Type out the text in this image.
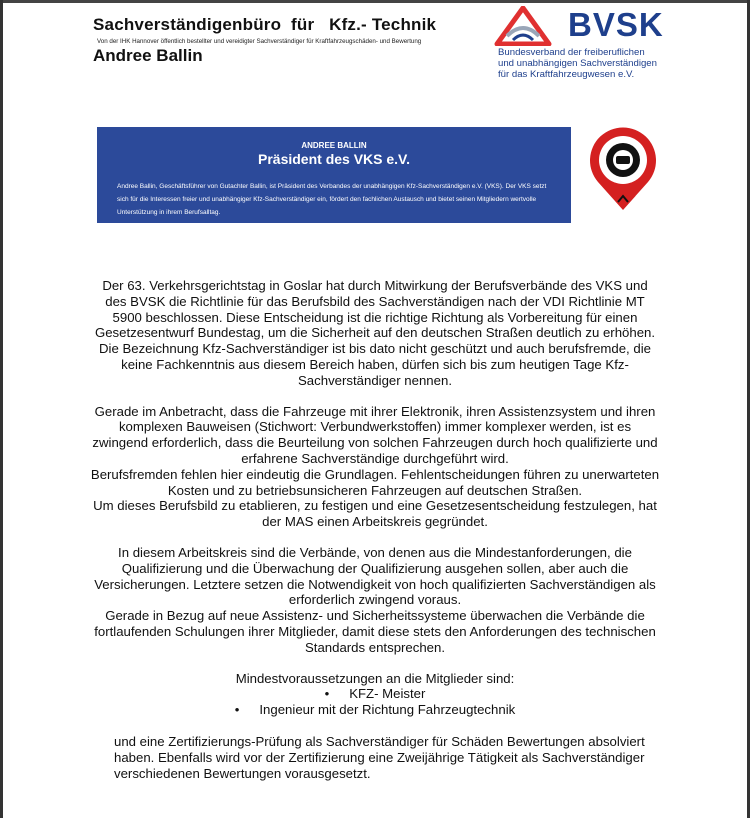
Sachverständigenbüro  für   Kfz.- Technik
Von der IHK Hannover öffentlich bestellter und vereidigter Sachverständiger für Kraftfahrzeugschäden- und Bewertung
Andree Ballin
BVSK
Bundesverband der freiberuflichen
und unabhängigen Sachverständigen
für das Kraftfahrzeugwesen e.V.
ANDREE BALLIN
Präsident des VKS e.V.
Andree Ballin, Geschäftsführer von Gutachter Ballin, ist Präsident des Verbandes der unabhängigen Kfz-Sachverständigen e.V. (VKS). Der VKS setzt sich für die Interessen freier und unabhängiger Kfz-Sachverständiger ein, fördert den fachlichen Austausch und bietet seinen Mitgliedern wertvolle Unterstützung in ihrem Berufsalltag.

Der 63. Verkehrsgerichtstag in Goslar hat durch Mitwirkung der Berufsverbände des VKS und des BVSK die Richtlinie für das Berufsbild des Sachverständigen nach der VDI Richtlinie MT 5900 beschlossen. Diese Entscheidung ist die richtige Richtung als Vorbereitung für einen Gesetzesentwurf Bundestag, um die Sicherheit auf den deutschen Straßen deutlich zu erhöhen.

Die Bezeichnung Kfz-Sachverständiger ist bis dato nicht geschützt und auch berufsfremde, die keine Fachkenntnis aus diesem Bereich haben, dürfen sich bis zum heutigen Tage Kfz-Sachverständiger nennen.

Gerade im Anbetracht, dass die Fahrzeuge mit ihrer Elektronik, ihren Assistenzsystem und ihren komplexen Bauweisen (Stichwort: Verbundwerkstoffen) immer komplexer werden, ist es zwingend erforderlich, dass die Beurteilung von solchen Fahrzeugen durch hoch qualifizierte und erfahrene Sachverständige durchgeführt wird.

Berufsfremden fehlen hier eindeutig die Grundlagen. Fehlentscheidungen führen zu unerwarteten Kosten und zu betriebsunsicheren Fahrzeugen auf deutschen Straßen.

Um dieses Berufsbild zu etablieren, zu festigen und eine Gesetzesentscheidung festzulegen, hat der MAS einen Arbeitskreis gegründet.

In diesem Arbeitskreis sind die Verbände, von denen aus die Mindestanforderungen, die Qualifizierung und die Überwachung der Qualifizierung ausgehen sollen, aber auch die Versicherungen. Letztere setzen die Notwendigkeit von hoch qualifizierten Sachverständigen als erforderlich zwingend voraus.

Gerade in Bezug auf neue Assistenz- und Sicherheitssysteme überwachen die Verbände die fortlaufenden Schulungen ihrer Mitglieder, damit diese stets den Anforderungen des technischen Standards entsprechen.

Mindestvoraussetzungen an die Mitglieder sind:

• KFZ- Meister
• Ingenieur mit der Richtung Fahrzeugtechnik

und eine Zertifizierungs-Prüfung als Sachverständiger für Schäden Bewertungen absolviert haben. Ebenfalls wird vor der Zertifizierung eine Zweijährige Tätigkeit als Sachverständiger verschiedenen Bewertungen vorausgesetzt.
